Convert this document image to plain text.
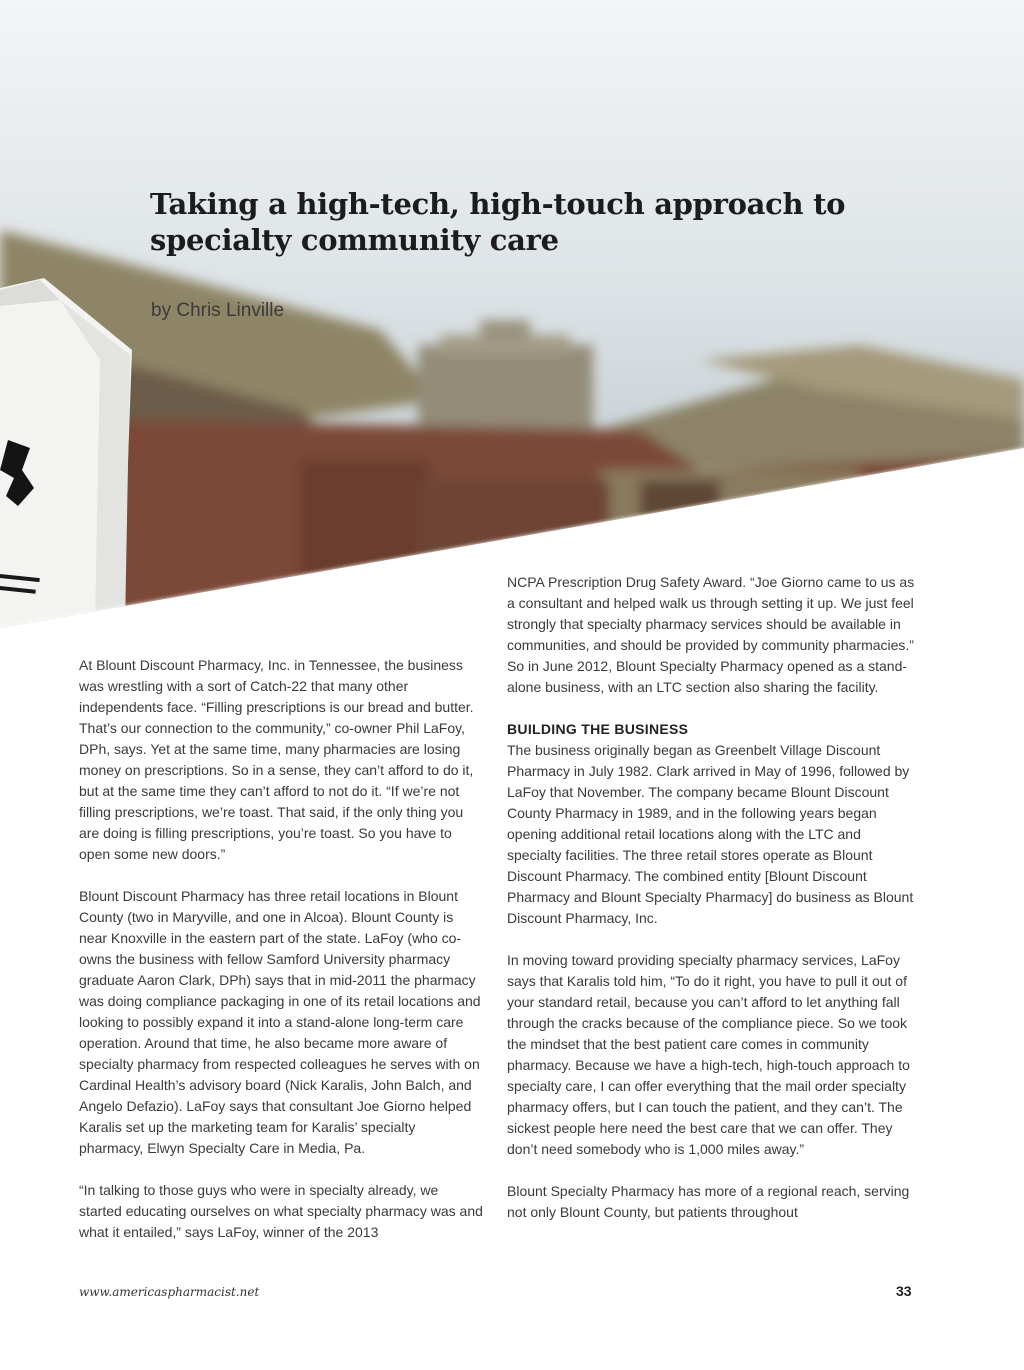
Taking a high-tech, high-touch approach to specialty community care

by Chris Linville

At Blount Discount Pharmacy, Inc. in Tennessee, the business was wrestling with a sort of Catch-22 that many other independents face. “Filling prescriptions is our bread and butter. That’s our connection to the community,” co-owner Phil LaFoy, DPh, says. Yet at the same time, many pharmacies are losing money on prescriptions. So in a sense, they can’t afford to do it, but at the same time they can’t afford to not do it. “If we’re not filling prescriptions, we’re toast. That said, if the only thing you are doing is filling prescriptions, you’re toast. So you have to open some new doors.”

Blount Discount Pharmacy has three retail locations in Blount County (two in Maryville, and one in Alcoa). Blount County is near Knoxville in the eastern part of the state. LaFoy (who co-owns the business with fellow Samford University pharmacy graduate Aaron Clark, DPh) says that in mid-2011 the pharmacy was doing compliance packaging in one of its retail locations and looking to possibly expand it into a stand-alone long-term care operation. Around that time, he also became more aware of specialty pharmacy from respected colleagues he serves with on Cardinal Health’s advisory board (Nick Karalis, John Balch, and Angelo Defazio). LaFoy says that consultant Joe Giorno helped Karalis set up the marketing team for Karalis’ specialty pharmacy, Elwyn Specialty Care in Media, Pa.

“In talking to those guys who were in specialty already, we started educating ourselves on what specialty pharmacy was and what it entailed,” says LaFoy, winner of the 2013

NCPA Prescription Drug Safety Award. “Joe Giorno came to us as a consultant and helped walk us through setting it up. We just feel strongly that specialty pharmacy services should be available in communities, and should be provided by community pharmacies.” So in June 2012, Blount Specialty Pharmacy opened as a stand-alone business, with an LTC section also sharing the facility.

BUILDING THE BUSINESS

The business originally began as Greenbelt Village Discount Pharmacy in July 1982. Clark arrived in May of 1996, followed by LaFoy that November. The company became Blount Discount County Pharmacy in 1989, and in the following years began opening additional retail locations along with the LTC and specialty facilities. The three retail stores operate as Blount Discount Pharmacy. The combined entity [Blount Discount Pharmacy and Blount Specialty Pharmacy] do business as Blount Discount Pharmacy, Inc.

In moving toward providing specialty pharmacy services, LaFoy says that Karalis told him, “To do it right, you have to pull it out of your standard retail, because you can’t afford to let anything fall through the cracks because of the compliance piece. So we took the mindset that the best patient care comes in community pharmacy. Because we have a high-tech, high-touch approach to specialty care, I can offer everything that the mail order specialty pharmacy offers, but I can touch the patient, and they can’t. The sickest people here need the best care that we can offer. They don’t need somebody who is 1,000 miles away.”

Blount Specialty Pharmacy has more of a regional reach, serving not only Blount County, but patients throughout

www.americaspharmacist.net	33
